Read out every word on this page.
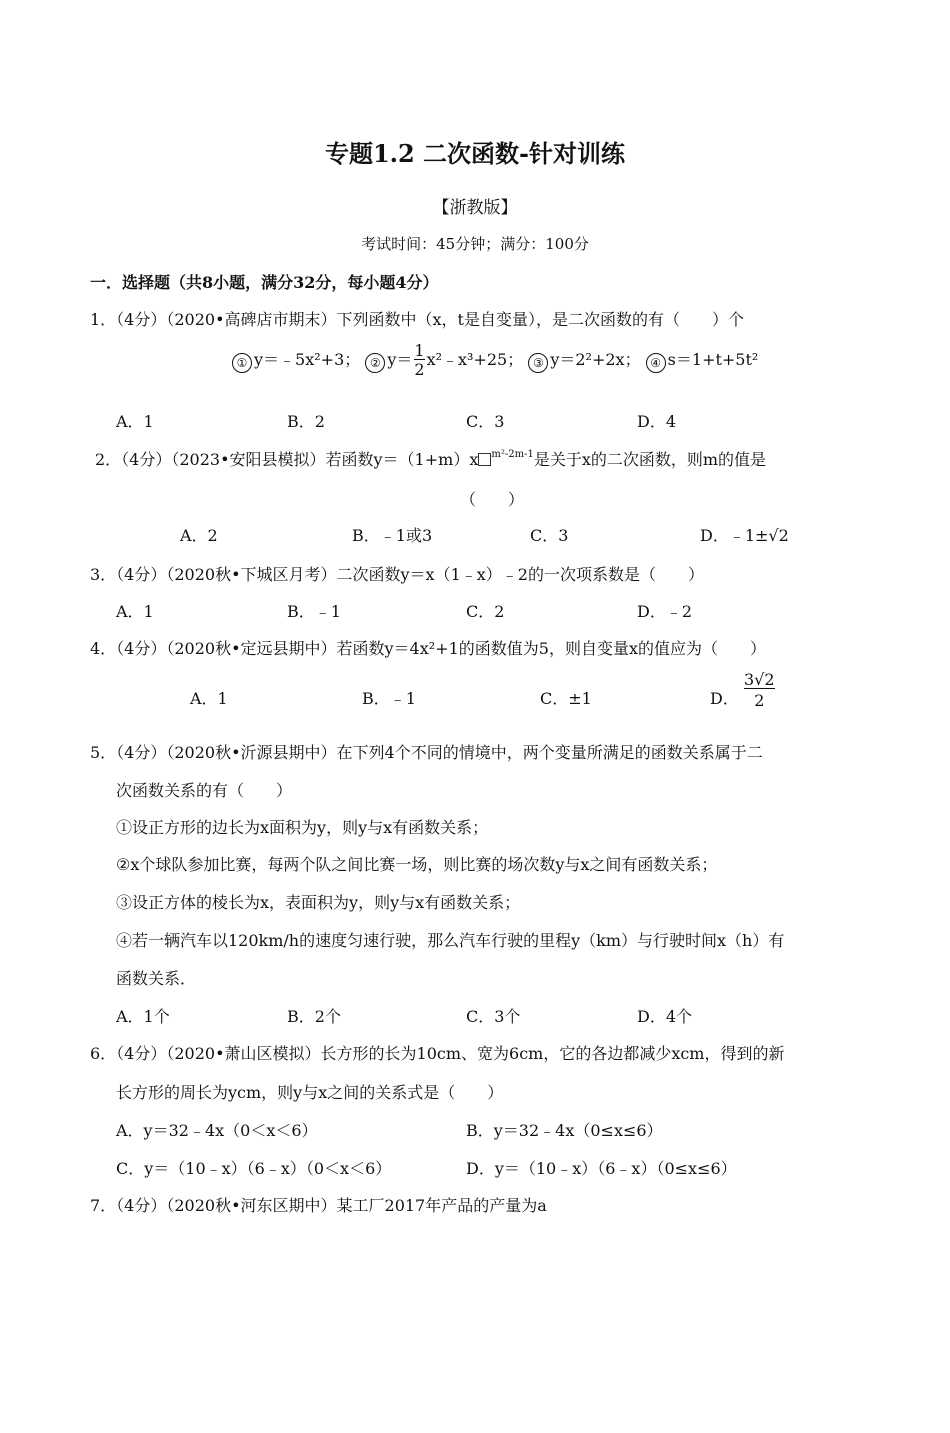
专题1.2 二次函数-针对训练
【浙教版】
考试时间：45分钟；满分：100分
一．选择题（共8小题，满分32分，每小题4分）
1．（4分）（2020•高碑店市期末）下列函数中（x，t是自变量），是二次函数的有（　　）个
① y＝﹣5x²+3； ② $y= \frac{1}{2}$ x²﹣x³+25； ③ y＝2²+2x； ④ s＝1+t+5t²
A．1	B．2	C．3	D．4
2．（4分）（2023•安阳县模拟）若函数y＝（1+m）x $^{m^2-2m-1}$是关于x的二次函数，则m的值是
（　　）
A．2	B．﹣1或3	C．3	D．﹣1±√2
3．（4分）（2020秋•下城区月考）二次函数y＝x（1﹣x）﹣2的一次项系数是（　　）
A．1	B．﹣1	C．2	D．﹣2
4．（4分）（2020秋•定远县期中）若函数y＝4x²+1的函数值为5，则自变量x的值应为（　　）
A．1	B．﹣1	C．±1	D． $\frac{3√2}{2}$
5．（4分）（2020秋•沂源县期中）在下列4个不同的情境中，两个变量所满足的函数关系属于二
次函数关系的有（　　）
①设正方形的边长为x面积为y，则y与x有函数关系；
②x个球队参加比赛，每两个队之间比赛一场，则比赛的场次数y与x之间有函数关系；
③设正方体的棱长为x，表面积为y，则y与x有函数关系；
④若一辆汽车以120km/h的速度匀速行驶，那么汽车行驶的里程y（km）与行驶时间x（h）有
函数关系．
A．1个	B．2个	C．3个	D．4个
6．（4分）（2020•萧山区模拟）长方形的长为10cm、宽为6cm，它的各边都减少xcm，得到的新
长方形的周长为ycm，则y与x之间的关系式是（　　）
A．y＝32﹣4x（0＜x＜6）	B．y＝32﹣4x（0≤x≤6）
C．y＝（10﹣x）（6﹣x）（0＜x＜6）	D．y＝（10﹣x）（6﹣x）（0≤x≤6）
7．（4分）（2020秋•河东区期中）某工厂2017年产品的产量为a
